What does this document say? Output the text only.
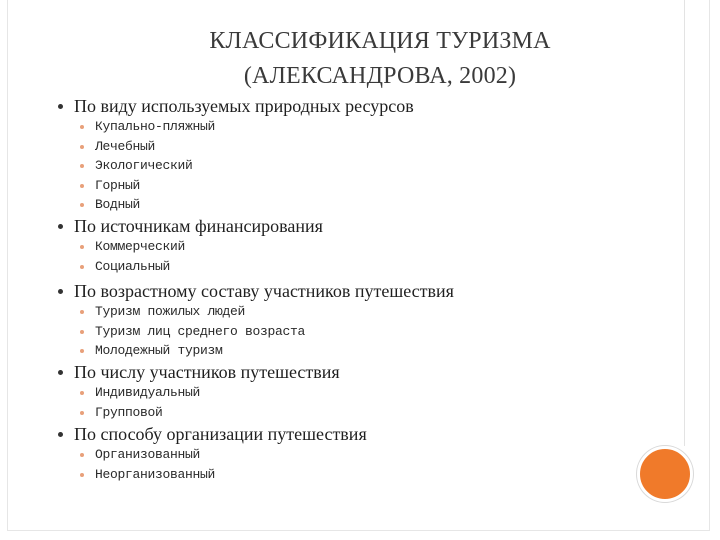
КЛАССИФИКАЦИЯ ТУРИЗМА
(АЛЕКСАНДРОВА, 2002)
По виду используемых природных ресурсов
Купально-пляжный
Лечебный
Экологический
Горный
Водный
По источникам финансирования
Коммерческий
Социальный
По возрастному составу участников путешествия
Туризм пожилых людей
Туризм лиц среднего возраста
Молодежный туризм
По числу участников путешествия
Индивидуальный
Групповой
По способу организации путешествия
Организованный
Неорганизованный
